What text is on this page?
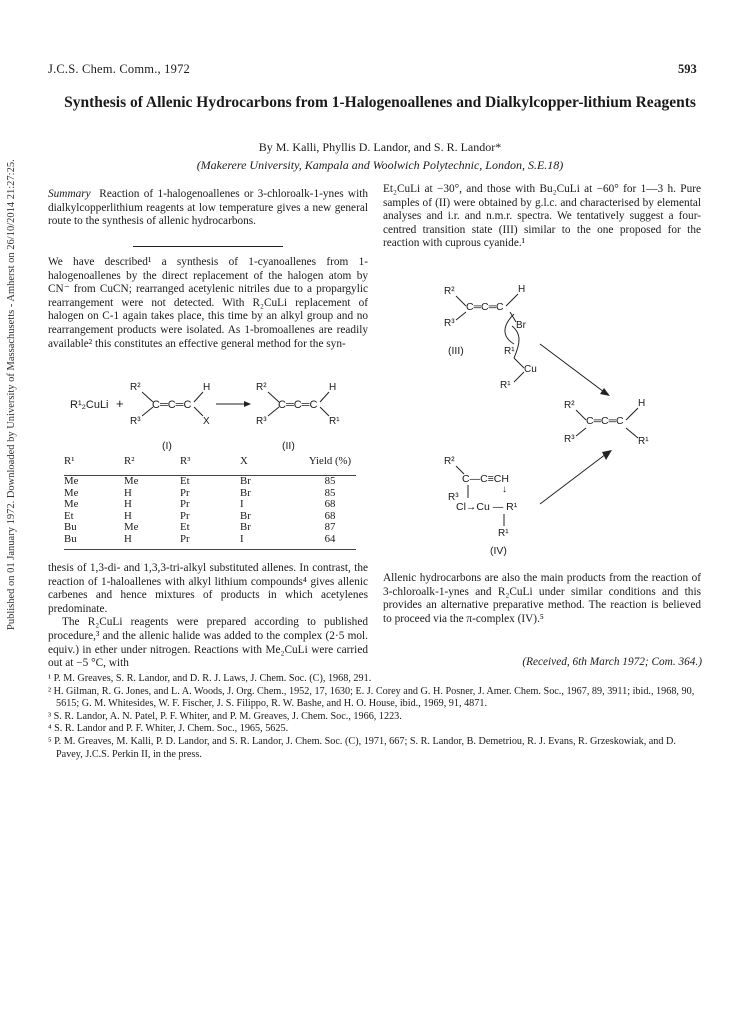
Published on 01 January 1972. Downloaded by University of Massachusetts - Amherst on 26/10/2014 21:27:25.
J.C.S. Chem. Comm., 1972	593
Synthesis of Allenic Hydrocarbons from 1-Halogenoallenes and Dialkylcopper-lithium Reagents
By M. Kalli, Phyllis D. Landor, and S. R. Landor*
(Makerere University, Kampala and Woolwich Polytechnic, London, S.E.18)
Summary Reaction of 1-halogenoallenes or 3-chloroalk-1-ynes with dialkylcopperlithium reagents at low temperature gives a new general route to the synthesis of allenic hydrocarbons.
We have described¹ a synthesis of 1-cyanoallenes from 1-halogenoallenes by the direct replacement of the halogen atom by CN⁻ from CuCN; rearranged acetylenic nitriles due to a propargylic rearrangement were not detected. With R₂CuLi replacement of halogen on C-1 again takes place, this time by an alkyl group and no rearrangement products were isolated. As 1-bromoallenes are readily available² this constitutes an effective general method for the syn-
R¹₂CuLi +
R²
R³
C═C═C
H
X
R²
R³
C═C═C
H
R¹
(I)	(II)
R¹	R²	R³	X	Yield (%)
Me	Me	Et	Br	85
Me	H	Pr	Br	85
Me	H	Pr	I	68
Et	H	Pr	Br	68
Bu	Me	Et	Br	87
Bu	H	Pr	I	64
thesis of 1,3-di- and 1,3,3-tri-alkyl substituted allenes. In contrast, the reaction of 1-haloallenes with alkyl lithium compounds⁴ gives allenic carbenes and hence mixtures of products in which acetylenes predominate.
The R₂CuLi reagents were prepared according to published procedure,³ and the allenic halide was added to the complex (2·5 mol. equiv.) in ether under nitrogen. Reactions with Me₂CuLi were carried out at −5 °C, with
Et₂CuLi at −30°, and those with Bu₂CuLi at −60° for 1—3 h. Pure samples of (II) were obtained by g.l.c. and characterised by elemental analyses and i.r. and n.m.r. spectra. We tentatively suggest a four-centred transition state (III) similar to the one proposed for the reaction with cuprous cyanide.¹
R²
C═C═C
H
R³	Br
(III)	R¹
Cu
R¹
R²
C═C═C
H
R³	R¹
R²
C—C≡CH
R³
↓
Cl→Cu — R¹
R¹
(IV)
Allenic hydrocarbons are also the main products from the reaction of 3-chloroalk-1-ynes and R₂CuLi under similar conditions and this provides an alternative preparative method. The reaction is believed to proceed via the π-complex (IV).⁵
(Received, 6th March 1972; Com. 364.)
¹ P. M. Greaves, S. R. Landor, and D. R. J. Laws, J. Chem. Soc. (C), 1968, 291.
² H. Gilman, R. G. Jones, and L. A. Woods, J. Org. Chem., 1952, 17, 1630; E. J. Corey and G. H. Posner, J. Amer. Chem. Soc., 1967, 89, 3911; ibid., 1968, 90, 5615; G. M. Whitesides, W. F. Fischer, J. S. Filippo, R. W. Bashe, and H. O. House, ibid., 1969, 91, 4871.
³ S. R. Landor, A. N. Patel, P. F. Whiter, and P. M. Greaves, J. Chem. Soc., 1966, 1223.
⁴ S. R. Landor and P. F. Whiter, J. Chem. Soc., 1965, 5625.
⁵ P. M. Greaves, M. Kalli, P. D. Landor, and S. R. Landor, J. Chem. Soc. (C), 1971, 667; S. R. Landor, B. Demetriou, R. J. Evans, R. Grzeskowiak, and D. Pavey, J.C.S. Perkin II, in the press.
